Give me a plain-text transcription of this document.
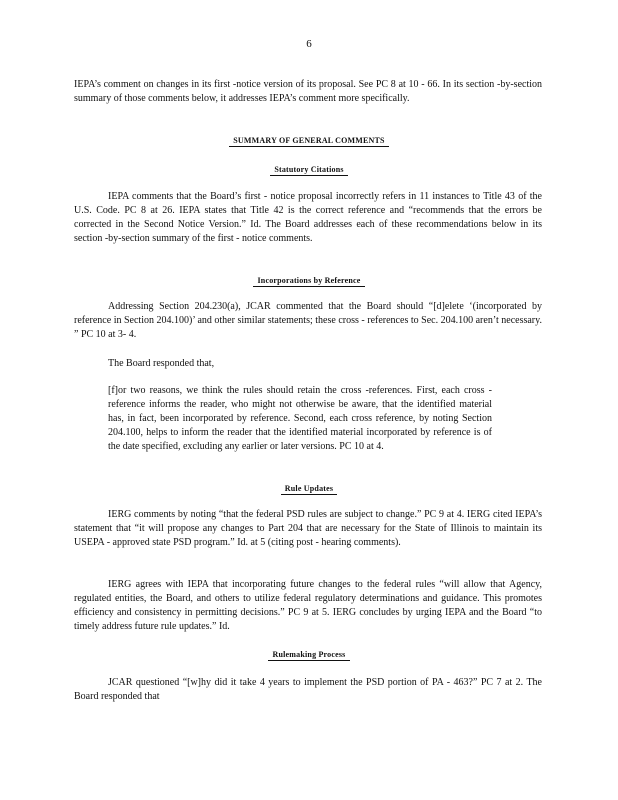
6

IEPA’s comment on changes in its first -notice version of its proposal. See PC 8 at 10 - 66. In its section -by-section summary of those comments below, it addresses IEPA’s comment more specifically.

SUMMARY OF GENERAL COMMENTS
Statutory Citations

IEPA comments that the Board’s first - notice proposal incorrectly refers in 11 instances to Title 43 of the U.S. Code. PC 8 at 26. IEPA states that Title 42 is the correct reference and “recommends that the errors be corrected in the Second Notice Version.” Id. The Board addresses each of these recommendations below in its section -by-section summary of the first - notice comments.

Incorporations by Reference

Addressing Section 204.230(a), JCAR commented that the Board should “[d]elete ‘(incorporated by reference in Section 204.100)’ and other similar statements; these cross - references to Sec. 204.100 aren’t necessary. ” PC 10 at 3- 4.

The Board responded that,

[f]or two reasons, we think the rules should retain the cross -references. First, each cross -reference informs the reader, who might not otherwise be aware, that the identified material has, in fact, been incorporated by reference. Second, each cross reference, by noting Section 204.100, helps to inform the reader that the identified material incorporated by reference is of the date specified, excluding any earlier or later versions. PC 10 at 4.

Rule Updates

IERG comments by noting “that the federal PSD rules are subject to change.” PC 9 at 4. IERG cited IEPA’s statement that “it will propose any changes to Part 204 that are necessary for the State of Illinois to maintain its USEPA - approved state PSD program.” Id. at 5 (citing post - hearing comments).

IERG agrees with IEPA that incorporating future changes to the federal rules “will allow that Agency, regulated entities, the Board, and others to utilize federal regulatory determinations and guidance. This promotes efficiency and consistency in permitting decisions.” PC 9 at 5. IERG concludes by urging IEPA and the Board “to timely address future rule updates.” Id.

Rulemaking Process

JCAR questioned “[w]hy did it take 4 years to implement the PSD portion of PA - 463?” PC 7 at 2. The Board responded that
